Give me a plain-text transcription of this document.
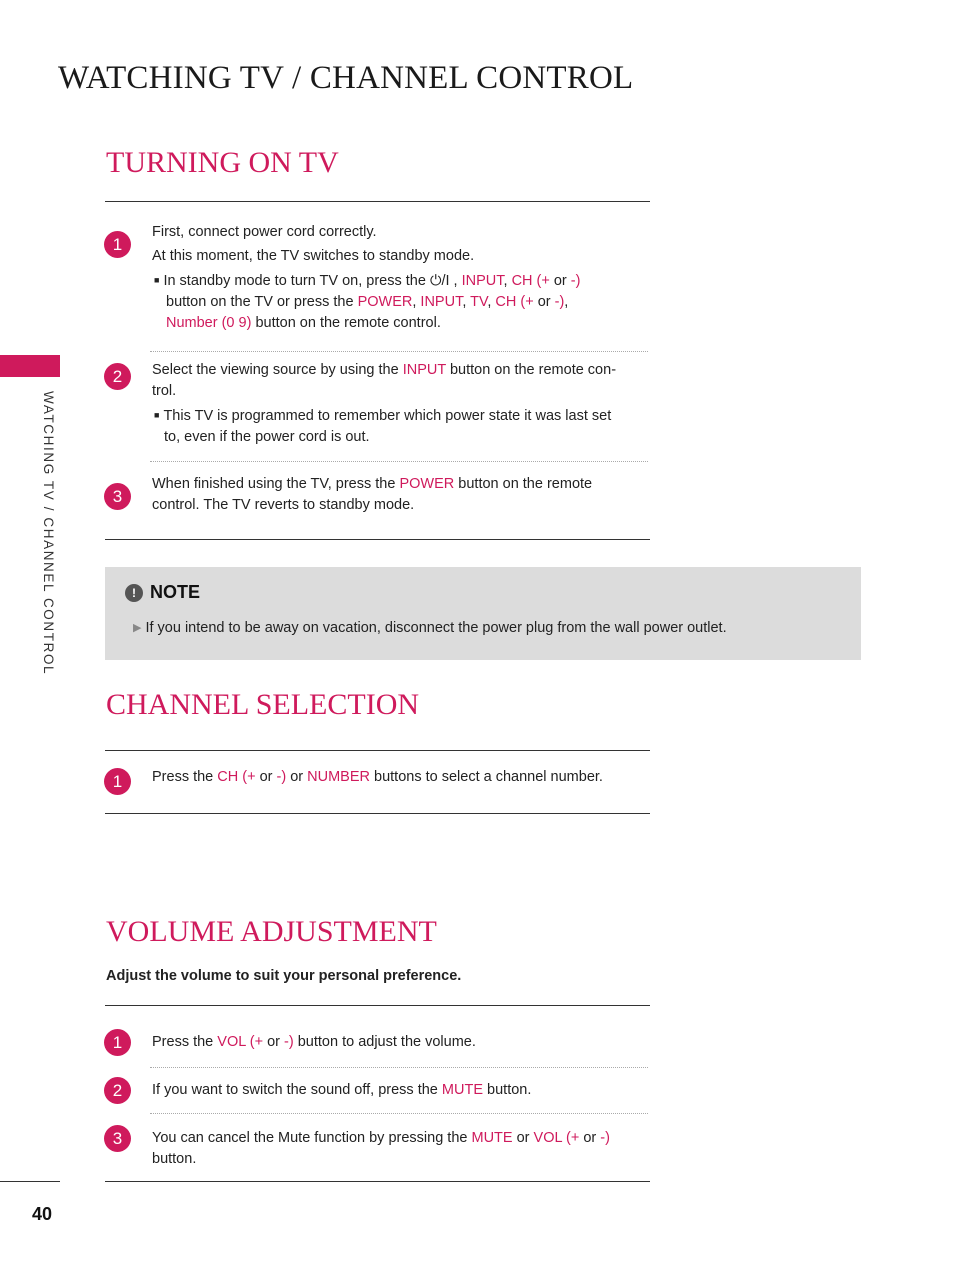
WATCHING TV / CHANNEL CONTROL
WATCHING TV / CHANNEL CONTROL
TURNING ON TV
1

First, connect power cord correctly.

At this moment, the TV switches to standby mode.

■ In standby mode to turn TV on, press the ⏻/I , INPUT, CH (+ or -)
button on the TV or press the POWER, INPUT, TV, CH (+ or -),
Number (0 9) button on the remote control.

2	Select the viewing source by using the INPUT button on the remote con-
trol.

■ This TV is programmed to remember which power state it was last set
to, even if the power cord is out.

3

When finished using the TV, press the POWER button on the remote
control. The TV reverts to standby mode.

! NOTE

▶ If you intend to be away on vacation, disconnect the power plug from the wall power outlet.

CHANNEL SELECTION
1	Press the CH (+ or -) or NUMBER buttons to select a channel number.

VOLUME ADJUSTMENT

Adjust the volume to suit your personal preference.

1	Press the VOL (+ or -) button to adjust the volume.

2	If you want to switch the sound off, press the MUTE button.

3	You can cancel the Mute function by pressing the MUTE or VOL (+ or -)
button.

40
